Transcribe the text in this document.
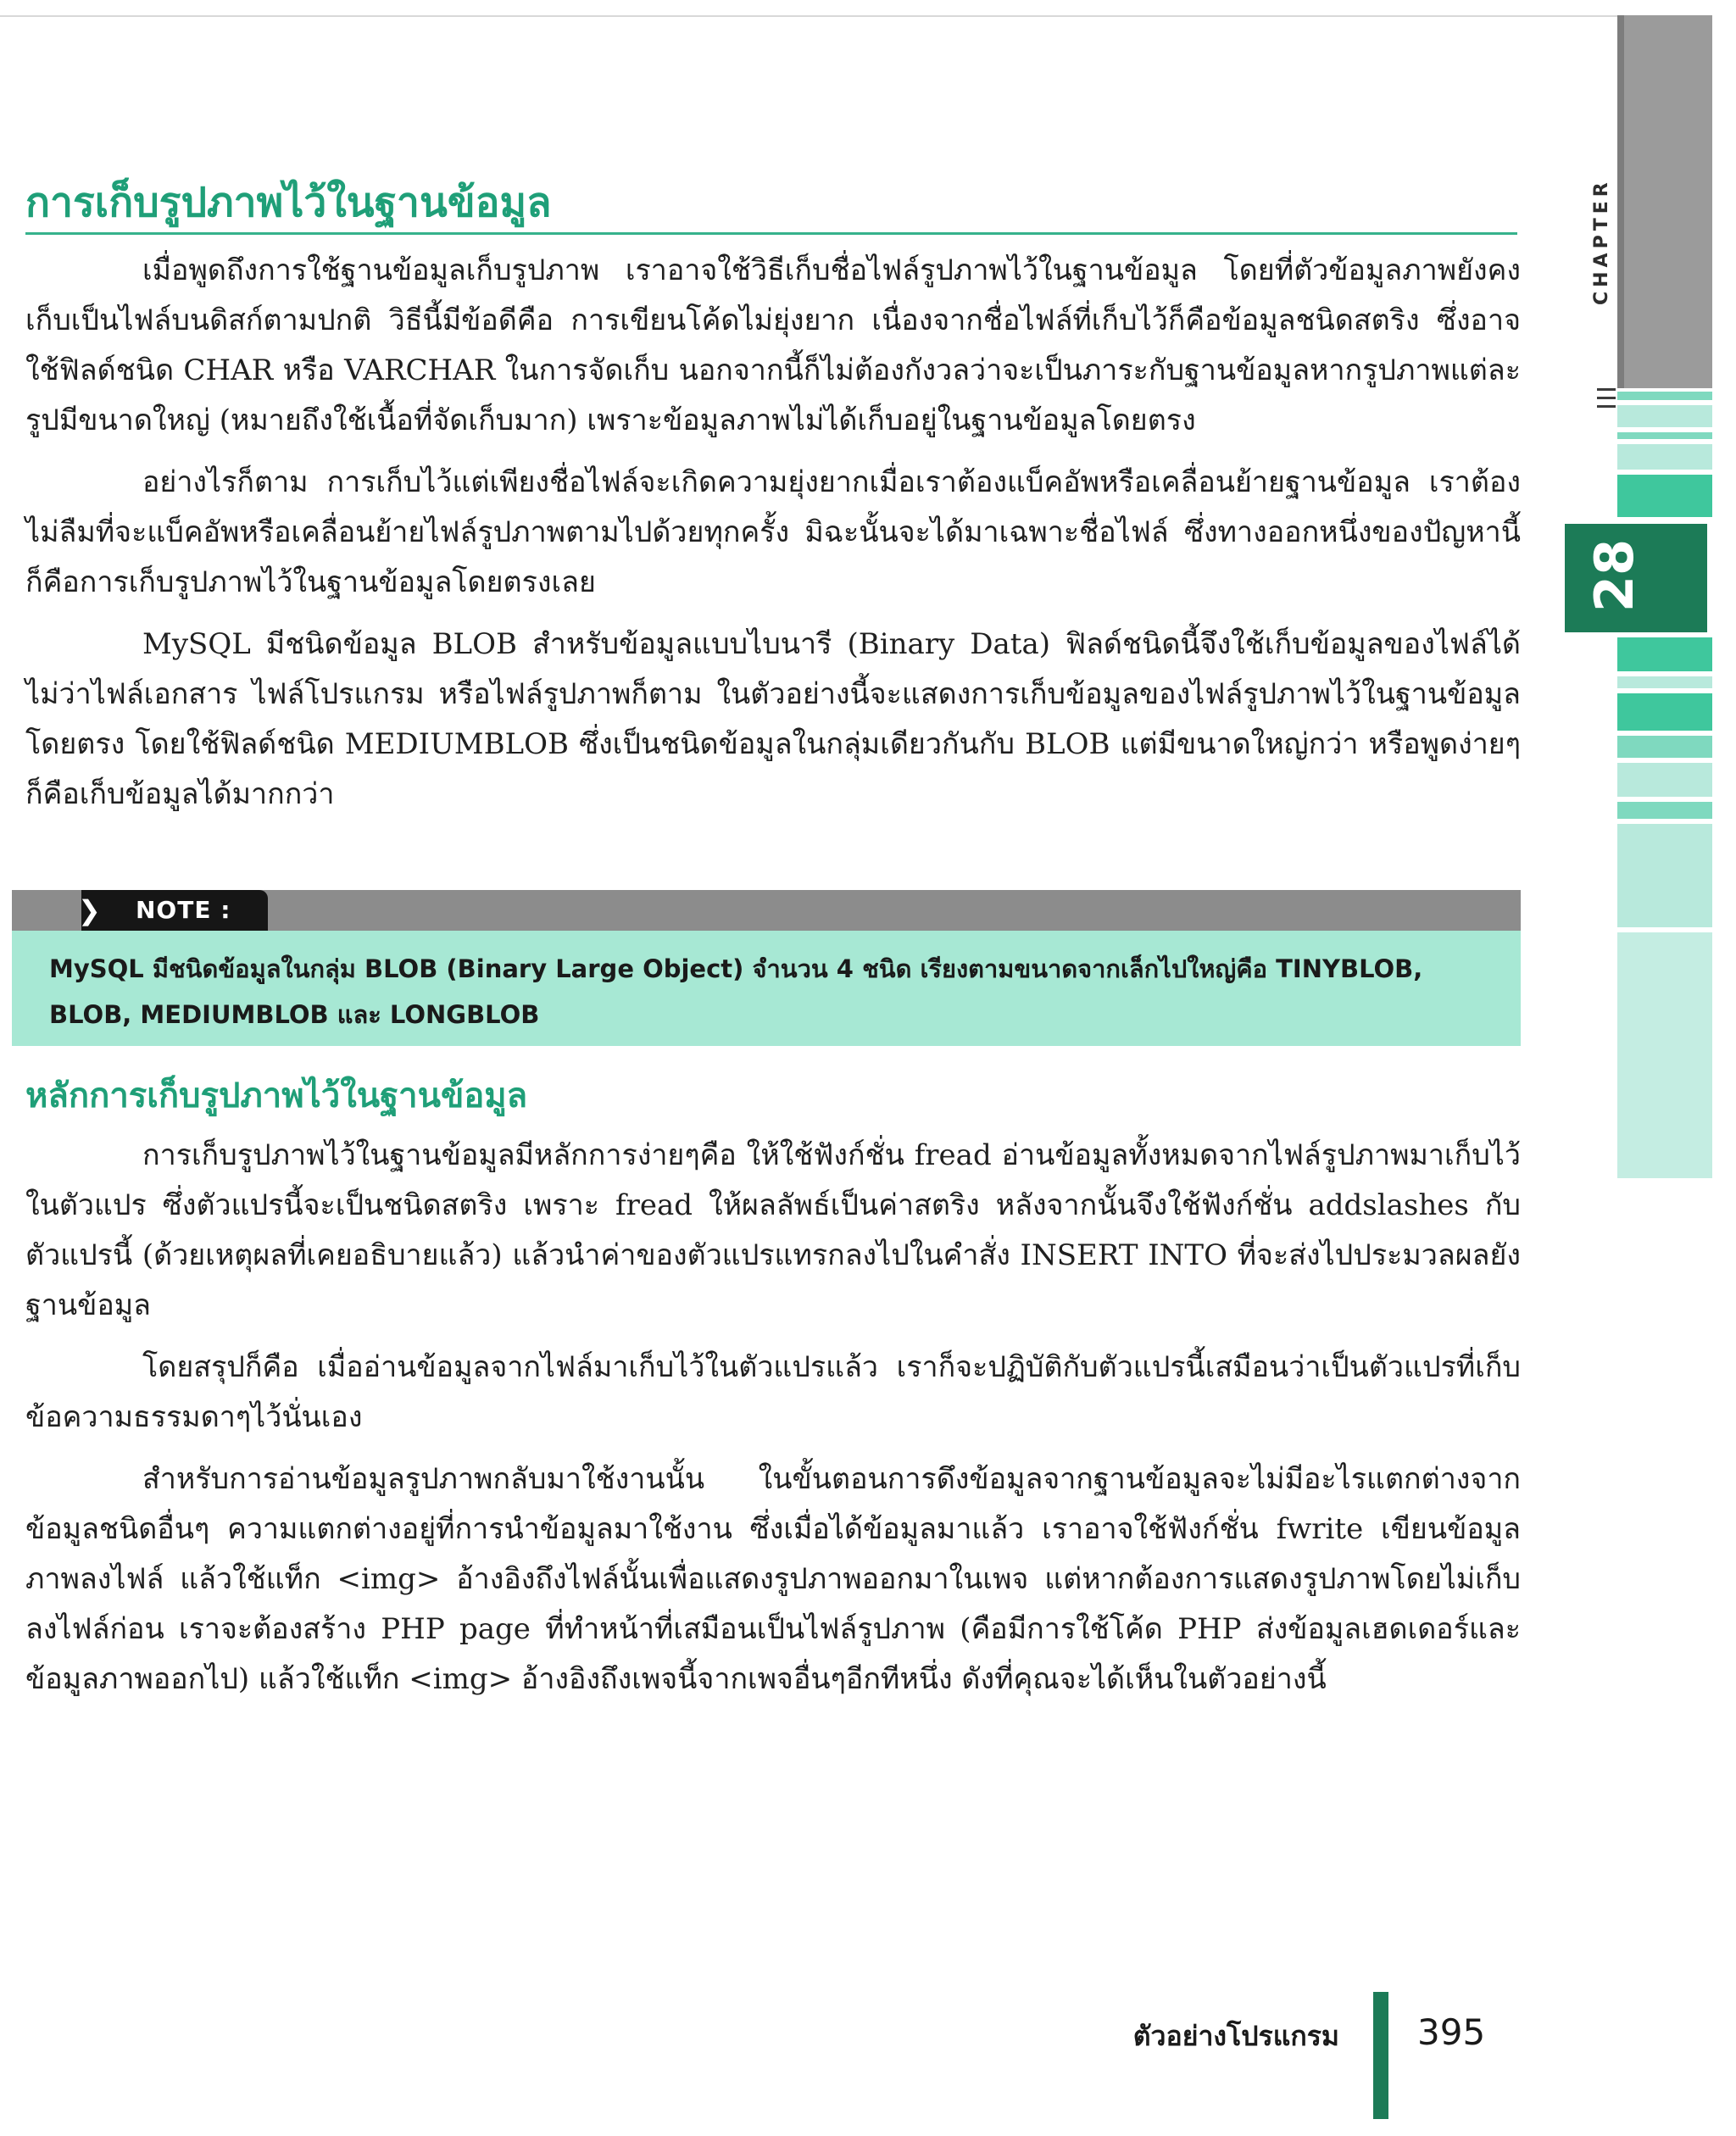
CHAPTER
28
การเก็บรูปภาพไว้ในฐานข้อมูล

เมื่อพูดถึงการใช้ฐานข้อมูลเก็บรูปภาพ เราอาจใช้วิธีเก็บชื่อไฟล์รูปภาพไว้ในฐานข้อมูล โดยที่ตัวข้อมูลภาพยังคงเก็บเป็นไฟล์บนดิสก์ตามปกติ วิธีนี้มีข้อดีคือ การเขียนโค้ดไม่ยุ่งยาก เนื่องจากชื่อไฟล์ที่เก็บไว้ก็คือข้อมูลชนิดสตริง ซึ่งอาจใช้ฟิลด์ชนิด CHAR หรือ VARCHAR ในการจัดเก็บ นอกจากนี้ก็ไม่ต้องกังวลว่าจะเป็นภาระกับฐานข้อมูลหากรูปภาพแต่ละรูปมีขนาดใหญ่ (หมายถึงใช้เนื้อที่จัดเก็บมาก) เพราะข้อมูลภาพไม่ได้เก็บอยู่ในฐานข้อมูลโดยตรง

อย่างไรก็ตาม การเก็บไว้แต่เพียงชื่อไฟล์จะเกิดความยุ่งยากเมื่อเราต้องแบ็คอัพหรือเคลื่อนย้ายฐานข้อมูล เราต้องไม่ลืมที่จะแบ็คอัพหรือเคลื่อนย้ายไฟล์รูปภาพตามไปด้วยทุกครั้ง มิฉะนั้นจะได้มาเฉพาะชื่อไฟล์ ซึ่งทางออกหนึ่งของปัญหานี้ ก็คือการเก็บรูปภาพไว้ในฐานข้อมูลโดยตรงเลย

MySQL มีชนิดข้อมูล BLOB สำหรับข้อมูลแบบไบนารี (Binary Data) ฟิลด์ชนิดนี้จึงใช้เก็บข้อมูลของไฟล์ได้ ไม่ว่าไฟล์เอกสาร ไฟล์โปรแกรม หรือไฟล์รูปภาพก็ตาม ในตัวอย่างนี้จะแสดงการเก็บข้อมูลของไฟล์รูปภาพไว้ในฐานข้อมูลโดยตรง โดยใช้ฟิลด์ชนิด MEDIUMBLOB ซึ่งเป็นชนิดข้อมูลในกลุ่มเดียวกันกับ BLOB แต่มีขนาดใหญ่กว่า หรือพูดง่ายๆก็คือเก็บข้อมูลได้มากกว่า

❯	NOTE :

MySQL มีชนิดข้อมูลในกลุ่ม BLOB (Binary Large Object) จำนวน 4 ชนิด เรียงตามขนาดจากเล็กไปใหญ่คือ TINYBLOB, BLOB, MEDIUMBLOB และ LONGBLOB

หลักการเก็บรูปภาพไว้ในฐานข้อมูล

การเก็บรูปภาพไว้ในฐานข้อมูลมีหลักการง่ายๆคือ ให้ใช้ฟังก์ชั่น fread อ่านข้อมูลทั้งหมดจากไฟล์รูปภาพมาเก็บไว้ในตัวแปร ซึ่งตัวแปรนี้จะเป็นชนิดสตริง เพราะ fread ให้ผลลัพธ์เป็นค่าสตริง หลังจากนั้นจึงใช้ฟังก์ชั่น addslashes กับตัวแปรนี้ (ด้วยเหตุผลที่เคยอธิบายแล้ว) แล้วนำค่าของตัวแปรแทรกลงไปในคำสั่ง INSERT INTO ที่จะส่งไปประมวลผลยังฐานข้อมูล

โดยสรุปก็คือ เมื่ออ่านข้อมูลจากไฟล์มาเก็บไว้ในตัวแปรแล้ว เราก็จะปฏิบัติกับตัวแปรนี้เสมือนว่าเป็นตัวแปรที่เก็บข้อความธรรมดาๆไว้นั่นเอง

สำหรับการอ่านข้อมูลรูปภาพกลับมาใช้งานนั้น ในขั้นตอนการดึงข้อมูลจากฐานข้อมูลจะไม่มีอะไรแตกต่างจากข้อมูลชนิดอื่นๆ ความแตกต่างอยู่ที่การนำข้อมูลมาใช้งาน ซึ่งเมื่อได้ข้อมูลมาแล้ว เราอาจใช้ฟังก์ชั่น fwrite เขียนข้อมูลภาพลงไฟล์ แล้วใช้แท็ก <img> อ้างอิงถึงไฟล์นั้นเพื่อแสดงรูปภาพออกมาในเพจ แต่หากต้องการแสดงรูปภาพโดยไม่เก็บลงไฟล์ก่อน เราจะต้องสร้าง PHP page ที่ทำหน้าที่เสมือนเป็นไฟล์รูปภาพ (คือมีการใช้โค้ด PHP ส่งข้อมูลเฮดเดอร์และข้อมูลภาพออกไป) แล้วใช้แท็ก <img> อ้างอิงถึงเพจนี้จากเพจอื่นๆอีกทีหนึ่ง ดังที่คุณจะได้เห็นในตัวอย่างนี้

ตัวอย่างโปรแกรม 395
